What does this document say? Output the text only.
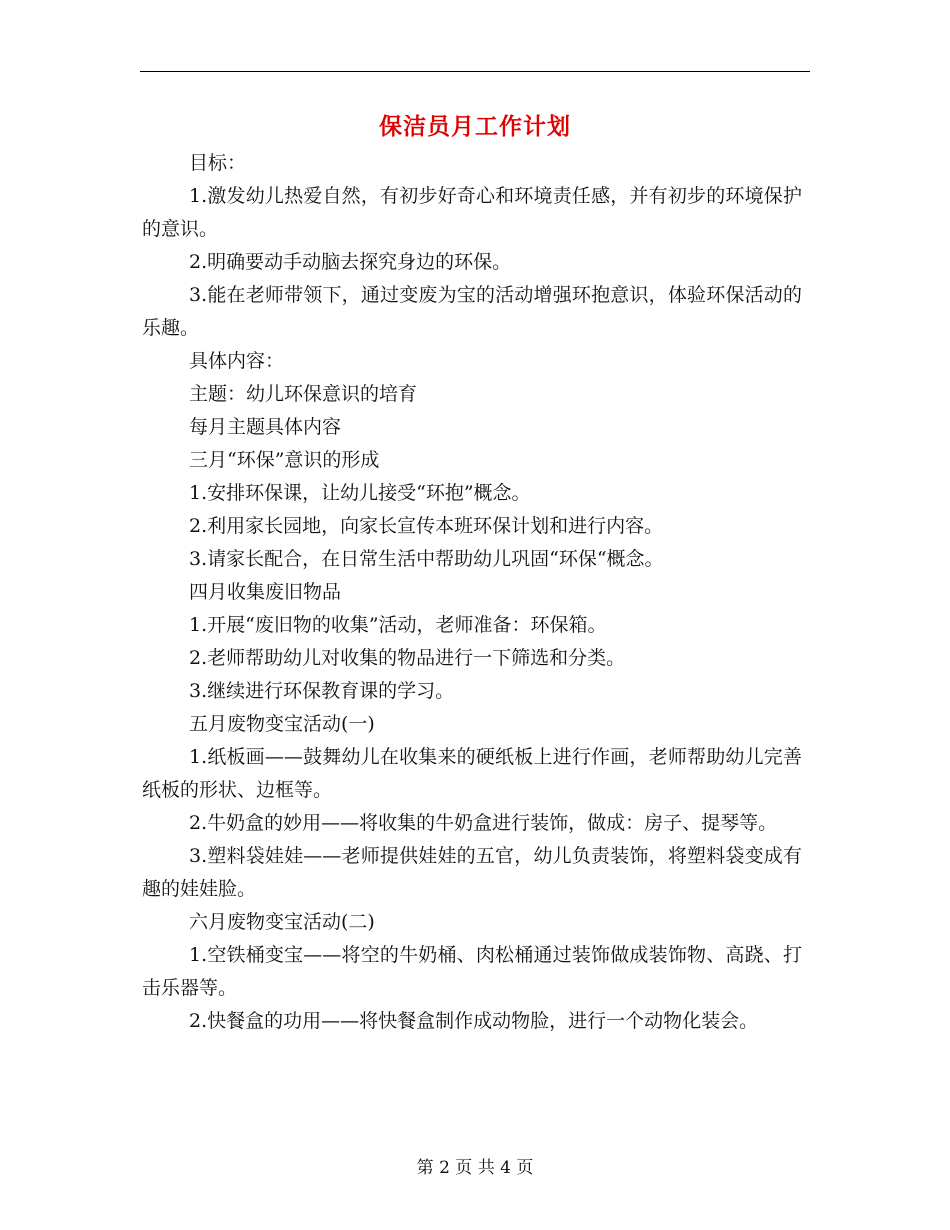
保洁员月工作计划

目标：

1.激发幼儿热爱自然，有初步好奇心和环境责任感，并有初步的环境保护的意识。

2.明确要动手动脑去探究身边的环保。

3.能在老师带领下，通过变废为宝的活动增强环抱意识，体验环保活动的乐趣。

具体内容：

主题：幼儿环保意识的培育

每月主题具体内容

三月“环保”意识的形成

1.安排环保课，让幼儿接受“环抱”概念。

2.利用家长园地，向家长宣传本班环保计划和进行内容。

3.请家长配合，在日常生活中帮助幼儿巩固“环保“概念。

四月收集废旧物品

1.开展“废旧物的收集”活动，老师准备：环保箱。

2.老师帮助幼儿对收集的物品进行一下筛选和分类。

3.继续进行环保教育课的学习。

五月废物变宝活动(一)

1.纸板画——鼓舞幼儿在收集来的硬纸板上进行作画，老师帮助幼儿完善纸板的形状、边框等。

2.牛奶盒的妙用——将收集的牛奶盒进行装饰，做成：房子、提琴等。

3.塑料袋娃娃——老师提供娃娃的五官，幼儿负责装饰，将塑料袋变成有趣的娃娃脸。

六月废物变宝活动(二)

1.空铁桶变宝——将空的牛奶桶、肉松桶通过装饰做成装饰物、高跷、打击乐器等。

2.快餐盒的功用——将快餐盒制作成动物脸，进行一个动物化装会。

第 2 页 共 4 页
